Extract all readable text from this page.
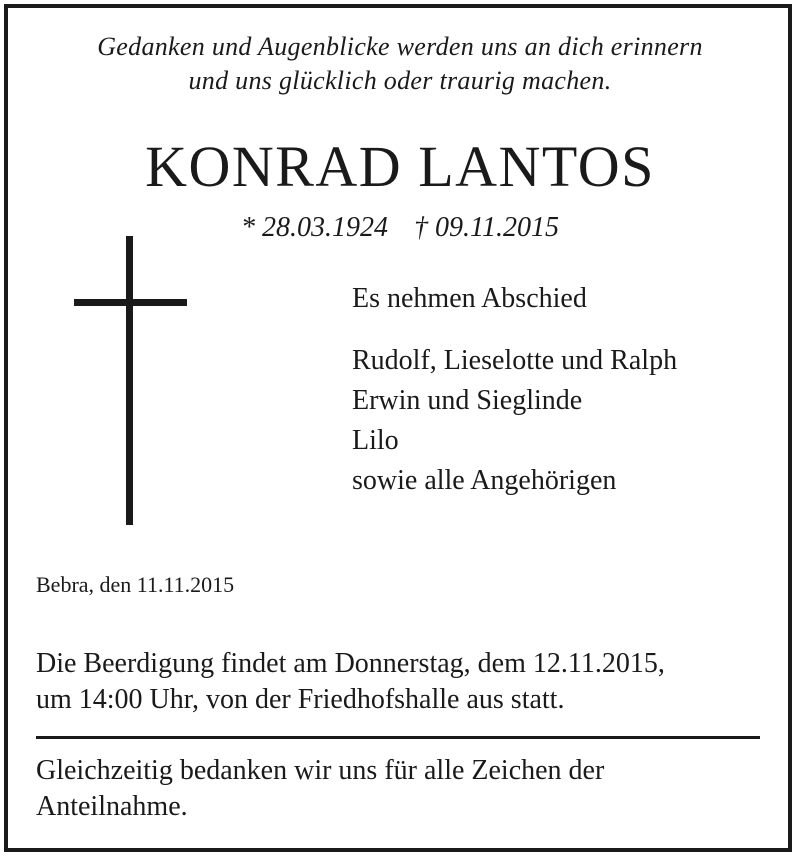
Gedanken und Augenblicke werden uns an dich erinnern
und uns glücklich oder traurig machen.
KONRAD LANTOS
* 28.03.1924 † 09.11.2015
Es nehmen Abschied
Rudolf, Lieselotte und Ralph
Erwin und Sieglinde
Lilo
sowie alle Angehörigen
Bebra, den 11.11.2015
Die Beerdigung findet am Donnerstag, dem 12.11.2015,
um 14:00 Uhr, von der Friedhofshalle aus statt.
Gleichzeitig bedanken wir uns für alle Zeichen der
Anteilnahme.
